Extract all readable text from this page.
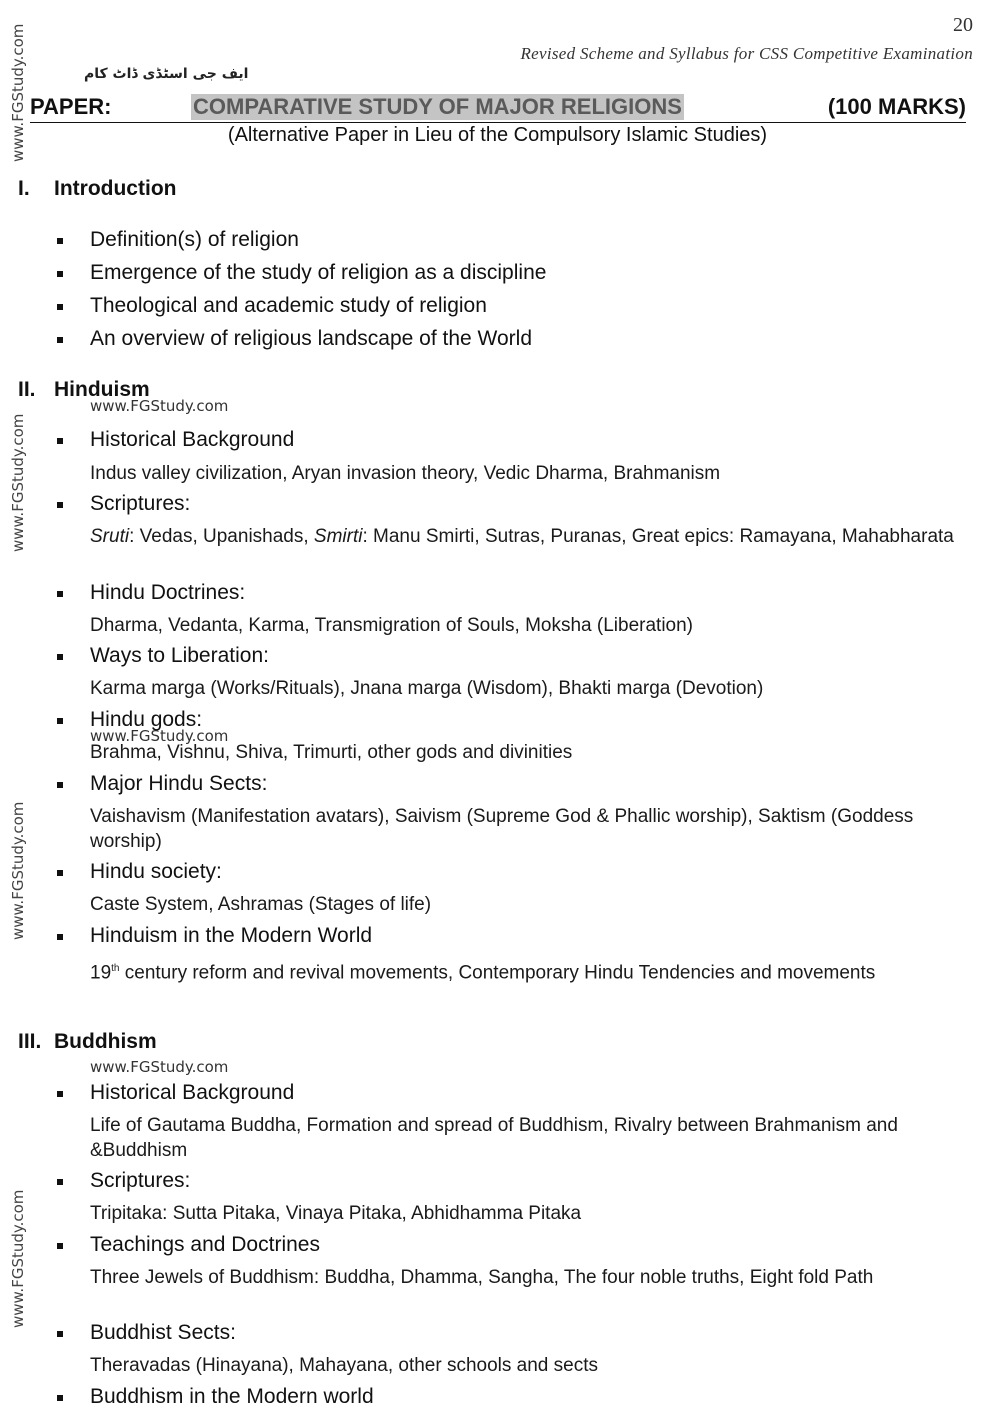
20
Revised Scheme and Syllabus for CSS Competitive Examination
ایف جی اسٹڈی ڈاٹ کام
www.FGStudy.com
www.FGStudy.com
www.FGStudy.com
www.FGStudy.com
www.FGStudy.com
www.FGStudy.com
www.FGStudy.com
PAPER:	COMPARATIVE STUDY OF MAJOR RELIGIONS	(100 MARKS)
(Alternative Paper in Lieu of the Compulsory Islamic Studies)
I. Introduction
Definition(s) of religion
Emergence of the study of religion as a discipline
Theological and academic study of religion
An overview of religious landscape of the World
II. Hinduism
Historical Background
Indus valley civilization, Aryan invasion theory, Vedic Dharma, Brahmanism
Scriptures:
Sruti: Vedas, Upanishads, Smirti: Manu Smirti, Sutras, Puranas, Great epics: Ramayana, Mahabharata
Hindu Doctrines:
Dharma, Vedanta, Karma, Transmigration of Souls, Moksha (Liberation)
Ways to Liberation:
Karma marga (Works/Rituals), Jnana marga (Wisdom), Bhakti marga (Devotion)
Hindu gods:
Brahma, Vishnu, Shiva, Trimurti, other gods and divinities
Major Hindu Sects:
Vaishavism (Manifestation avatars), Saivism (Supreme God & Phallic worship), Saktism (Goddess worship)
Hindu society:
Caste System, Ashramas (Stages of life)
Hinduism in the Modern World
19th century reform and revival movements, Contemporary Hindu Tendencies and movements
III. Buddhism
Historical Background
Life of Gautama Buddha, Formation and spread of Buddhism, Rivalry between Brahmanism and &Buddhism
Scriptures:
Tripitaka: Sutta Pitaka, Vinaya Pitaka, Abhidhamma Pitaka
Teachings and Doctrines
Three Jewels of Buddhism: Buddha, Dhamma, Sangha, The four noble truths, Eight fold Path
Buddhist Sects:
Theravadas (Hinayana), Mahayana, other schools and sects
Buddhism in the Modern world
